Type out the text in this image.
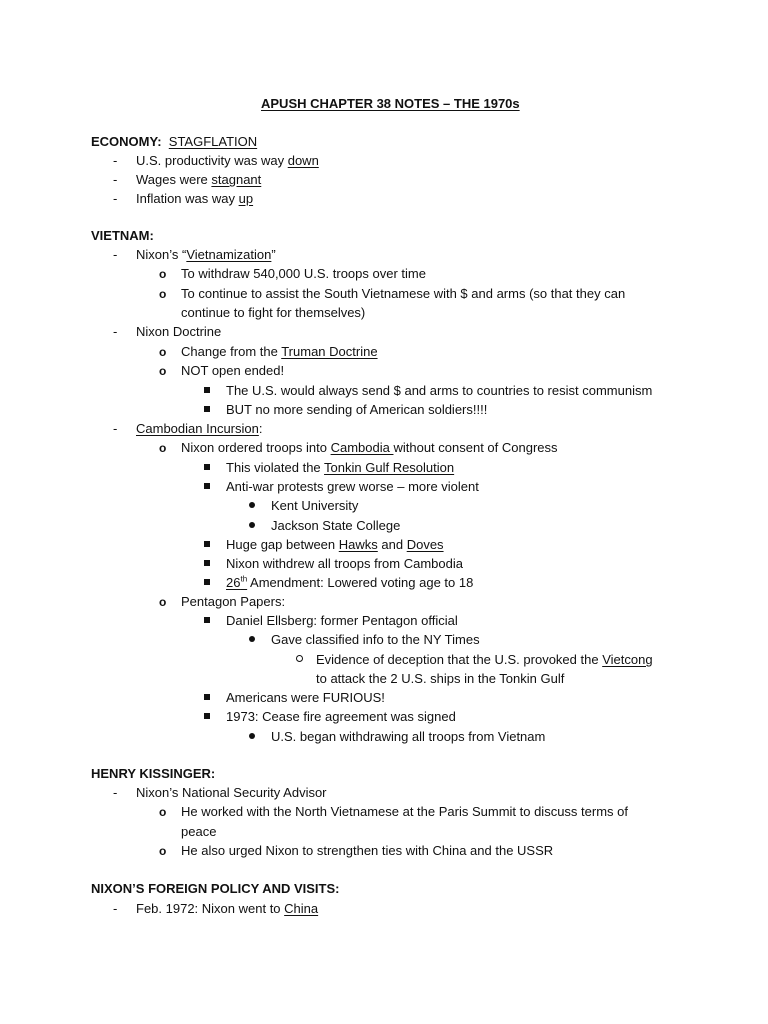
APUSH CHAPTER 38 NOTES – THE 1970s
ECONOMY: STAGFLATION
- U.S. productivity was way down
- Wages were stagnant
- Inflation was way up
VIETNAM:
- Nixon’s “Vietnamization”
o To withdraw 540,000 U.S. troops over time
o To continue to assist the South Vietnamese with $ and arms (so that they can
continue to fight for themselves)
- Nixon Doctrine
o Change from the Truman Doctrine
o NOT open ended!
The U.S. would always send $ and arms to countries to resist communism
BUT no more sending of American soldiers!!!!
- Cambodian Incursion:
o Nixon ordered troops into Cambodia without consent of Congress
This violated the Tonkin Gulf Resolution
Anti-war protests grew worse – more violent
Kent University
Jackson State College
Huge gap between Hawks and Doves
Nixon withdrew all troops from Cambodia
26th Amendment: Lowered voting age to 18
o Pentagon Papers:
Daniel Ellsberg: former Pentagon official
Gave classified info to the NY Times
Evidence of deception that the U.S. provoked the Vietcong
to attack the 2 U.S. ships in the Tonkin Gulf
Americans were FURIOUS!
1973: Cease fire agreement was signed
U.S. began withdrawing all troops from Vietnam
HENRY KISSINGER:
- Nixon’s National Security Advisor
o He worked with the North Vietnamese at the Paris Summit to discuss terms of
peace
o He also urged Nixon to strengthen ties with China and the USSR
NIXON’S FOREIGN POLICY AND VISITS:
- Feb. 1972: Nixon went to China
